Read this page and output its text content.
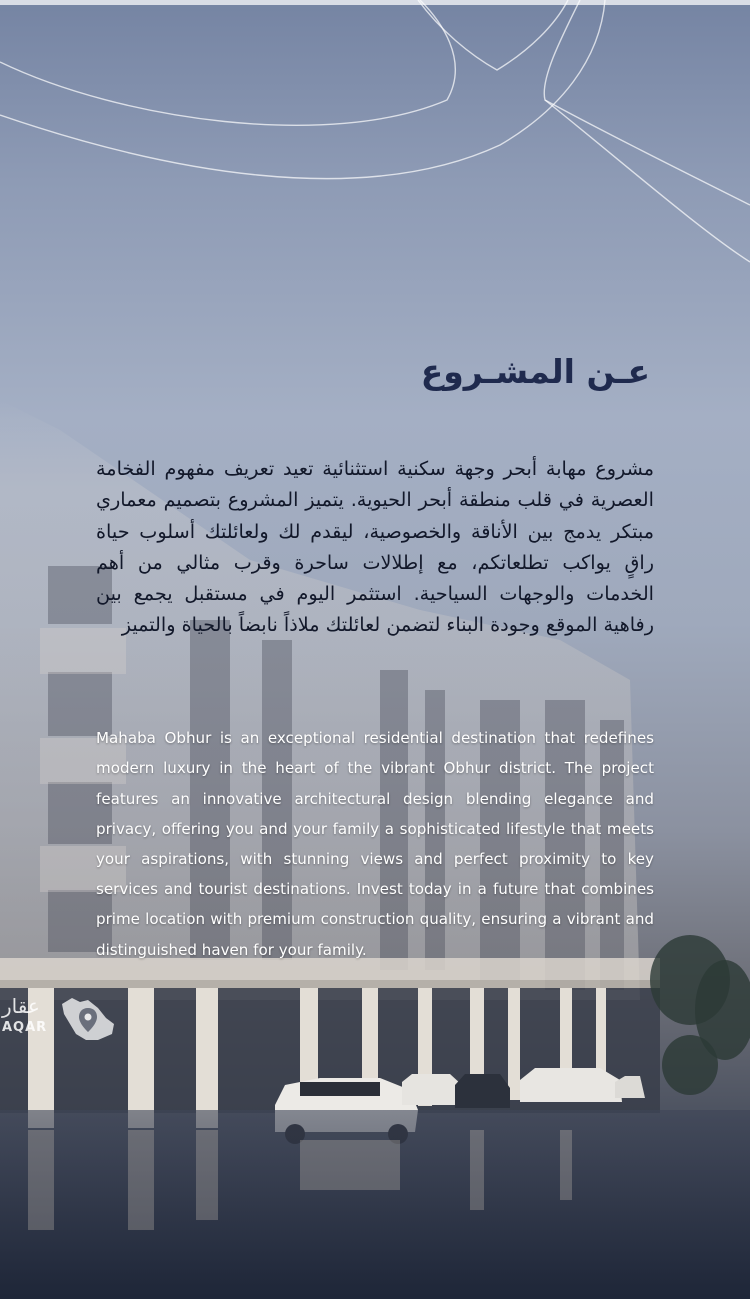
عـن المشـروع

مشروع مهابة أبحر وجهة سكنية استثنائية تعيد تعريف مفهوم الفخامة العصرية في قلب منطقة أبحر الحيوية. يتميز المشروع بتصميم معماري مبتكر يدمج بين الأناقة والخصوصية، ليقدم لك ولعائلتك أسلوب حياة راقٍ يواكب تطلعاتكم، مع إطلالات ساحرة وقرب مثالي من أهم الخدمات والوجهات السياحية. استثمر اليوم في مستقبل يجمع بين رفاهية الموقع وجودة البناء لتضمن لعائلتك ملاذاً نابضاً بالحياة والتميز

Mahaba Obhur is an exceptional residential destination that redefines modern luxury in the heart of the vibrant Obhur district. The project features an innovative architectural design blending elegance and privacy, offering you and your family a sophisticated lifestyle that meets your aspirations, with stunning views and perfect proximity to key services and tourist destinations. Invest today in a future that combines prime location with premium construction quality, ensuring a vibrant and distinguished haven for your family.

عقار
AQAR
